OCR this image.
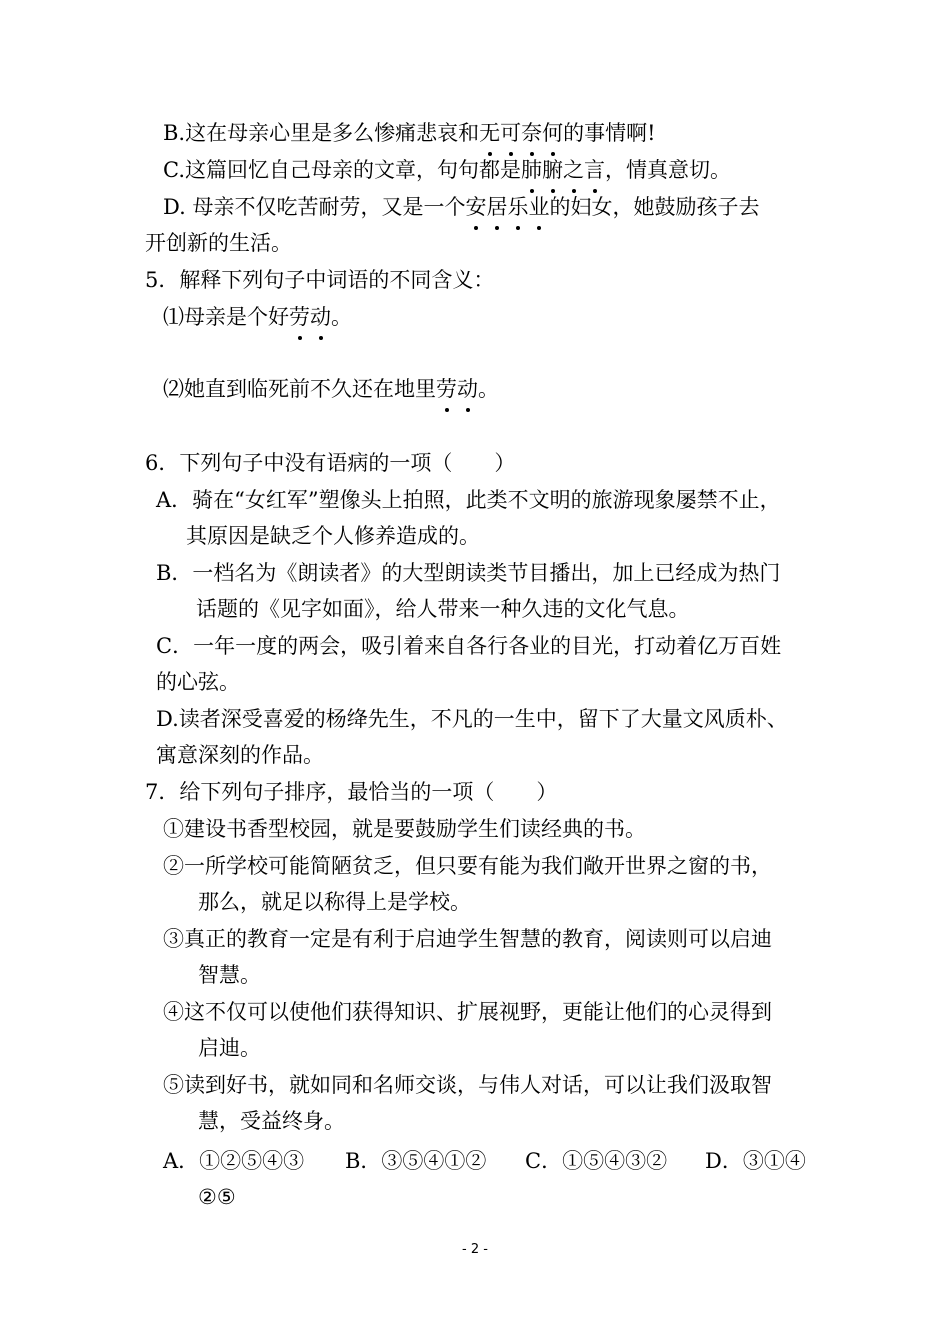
B.这在母亲心里是多么惨痛悲哀和无可奈何的事情啊!
C.这篇回忆自己母亲的文章，句句都是肺腑之言，情真意切。
D. 母亲不仅吃苦耐劳，又是一个安居乐业的妇女，她鼓励孩子去
开创新的生活。
5．解释下列句子中词语的不同含义：
⑴母亲是个好劳动。
⑵她直到临死前不久还在地里劳动。
6．下列句子中没有语病的一项（　　）
A．骑在“女红军”塑像头上拍照，此类不文明的旅游现象屡禁不止，
其原因是缺乏个人修养造成的。
B．一档名为《朗读者》的大型朗读类节目播出，加上已经成为热门
话题的《见字如面》，给人带来一种久违的文化气息。
C．一年一度的两会，吸引着来自各行各业的目光，打动着亿万百姓
的心弦。
D.读者深受喜爱的杨绛先生，不凡的一生中，留下了大量文风质朴、
寓意深刻的作品。
7．给下列句子排序，最恰当的一项（　　）
①建设书香型校园，就是要鼓励学生们读经典的书。
②一所学校可能简陋贫乏，但只要有能为我们敞开世界之窗的书，
那么，就足以称得上是学校。
③真正的教育一定是有利于启迪学生智慧的教育，阅读则可以启迪
智慧。
④这不仅可以使他们获得知识、扩展视野，更能让他们的心灵得到
启迪。
⑤读到好书，就如同和名师交谈，与伟人对话，可以让我们汲取智
慧，受益终身。
A．①②⑤④③ B．③⑤④①② C．①⑤④③② D．③①④
②⑤
- 2 -
